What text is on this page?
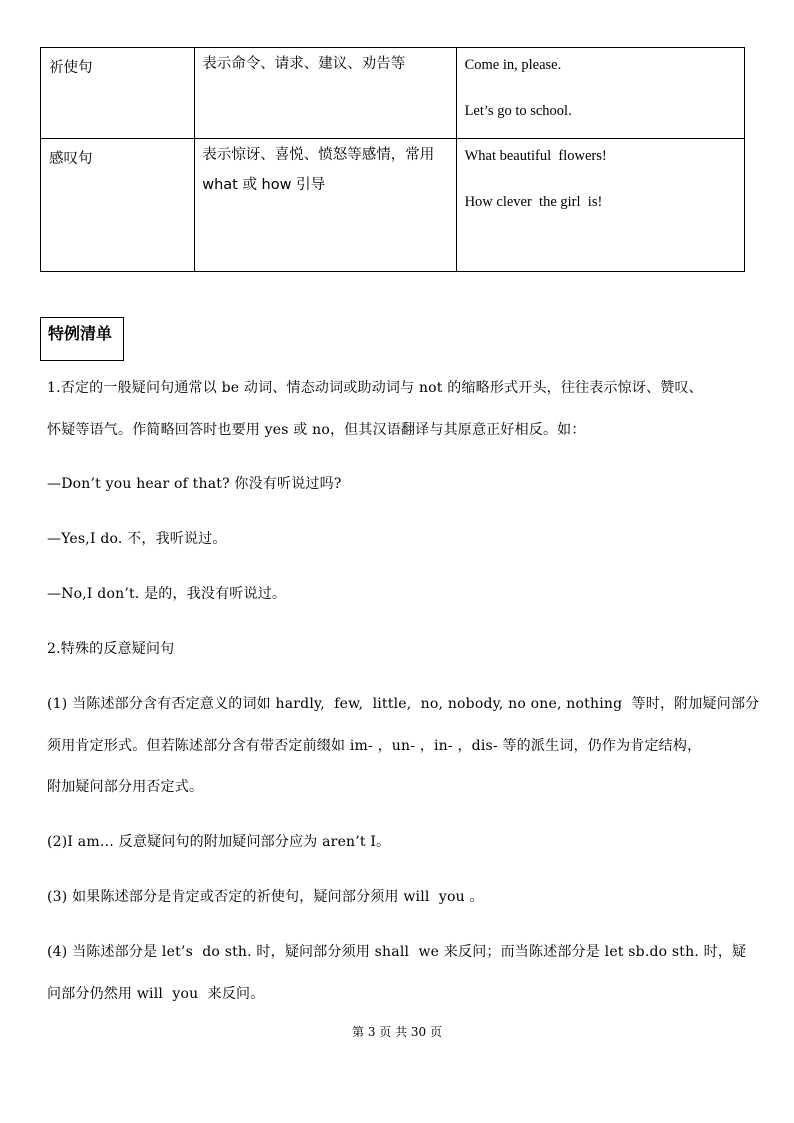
祈使句	表示命令、请求、建议、劝告等	Come in, please.
Let’s go to school.

感叹句	表示惊讶、喜悦、愤怒等感情，常用 what 或 how 引导	What beautiful  flowers!
How clever  the girl  is!
特例清单
1.否定的一般疑问句通常以 be 动词、情态动词或助动词与 not 的缩略形式开头，往往表示惊讶、赞叹、
怀疑等语气。作简略回答时也要用 yes 或 no，但其汉语翻译与其原意正好相反。如：
—Don’t you hear of that? 你没有听说过吗?
—Yes,I do. 不，我听说过。
—No,I don’t. 是的，我没有听说过。
2.特殊的反意疑问句
(1) 当陈述部分含有否定意义的词如 hardly,  few,  little,  no, nobody, no one, nothing  等时，附加疑问部分
须用肯定形式。但若陈述部分含有带否定前缀如 im- ，un- ，in- ，dis- 等的派生词，仍作为肯定结构，
附加疑问部分用否定式。
(2)I am… 反意疑问句的附加疑问部分应为 aren’t I。
(3) 如果陈述部分是肯定或否定的祈使句，疑问部分须用 will  you 。
(4) 当陈述部分是 let’s  do sth. 时，疑问部分须用 shall  we 来反问；而当陈述部分是 let sb.do sth. 时，疑
问部分仍然用 will  you  来反问。
第 3 页 共 30 页
